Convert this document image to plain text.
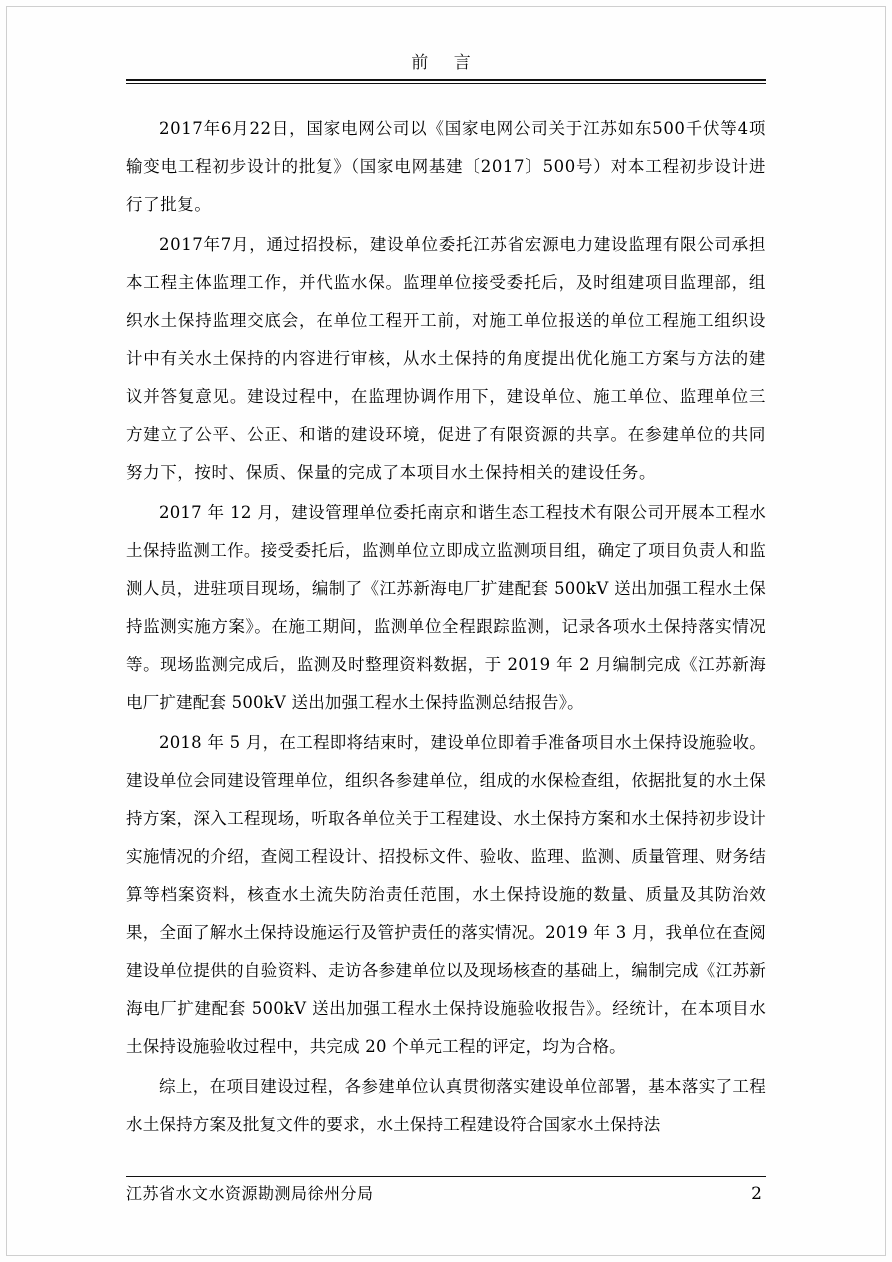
前 言

2017年6月22日，国家电网公司以《国家电网公司关于江苏如东500千伏等4项输变电工程初步设计的批复》（国家电网基建〔2017〕500号）对本工程初步设计进行了批复。

2017年7月，通过招投标，建设单位委托江苏省宏源电力建设监理有限公司承担本工程主体监理工作，并代监水保。监理单位接受委托后，及时组建项目监理部，组织水土保持监理交底会，在单位工程开工前，对施工单位报送的单位工程施工组织设计中有关水土保持的内容进行审核，从水土保持的角度提出优化施工方案与方法的建议并答复意见。建设过程中，在监理协调作用下，建设单位、施工单位、监理单位三方建立了公平、公正、和谐的建设环境，促进了有限资源的共享。在参建单位的共同努力下，按时、保质、保量的完成了本项目水土保持相关的建设任务。

2017 年 12 月，建设管理单位委托南京和谐生态工程技术有限公司开展本工程水土保持监测工作。接受委托后，监测单位立即成立监测项目组，确定了项目负责人和监测人员，进驻项目现场，编制了《江苏新海电厂扩建配套 500kV 送出加强工程水土保持监测实施方案》。在施工期间，监测单位全程跟踪监测，记录各项水土保持落实情况等。现场监测完成后，监测及时整理资料数据，于 2019 年 2 月编制完成《江苏新海电厂扩建配套 500kV 送出加强工程水土保持监测总结报告》。

2018 年 5 月，在工程即将结束时，建设单位即着手准备项目水土保持设施验收。建设单位会同建设管理单位，组织各参建单位，组成的水保检查组，依据批复的水土保持方案，深入工程现场，听取各单位关于工程建设、水土保持方案和水土保持初步设计实施情况的介绍，查阅工程设计、招投标文件、验收、监理、监测、质量管理、财务结算等档案资料，核查水土流失防治责任范围，水土保持设施的数量、质量及其防治效果，全面了解水土保持设施运行及管护责任的落实情况。2019 年 3 月，我单位在查阅建设单位提供的自验资料、走访各参建单位以及现场核查的基础上，编制完成《江苏新海电厂扩建配套 500kV 送出加强工程水土保持设施验收报告》。经统计，在本项目水土保持设施验收过程中，共完成 20 个单元工程的评定，均为合格。

综上，在项目建设过程，各参建单位认真贯彻落实建设单位部署，基本落实了工程水土保持方案及批复文件的要求，水土保持工程建设符合国家水土保持法

江苏省水文水资源勘测局徐州分局	2
